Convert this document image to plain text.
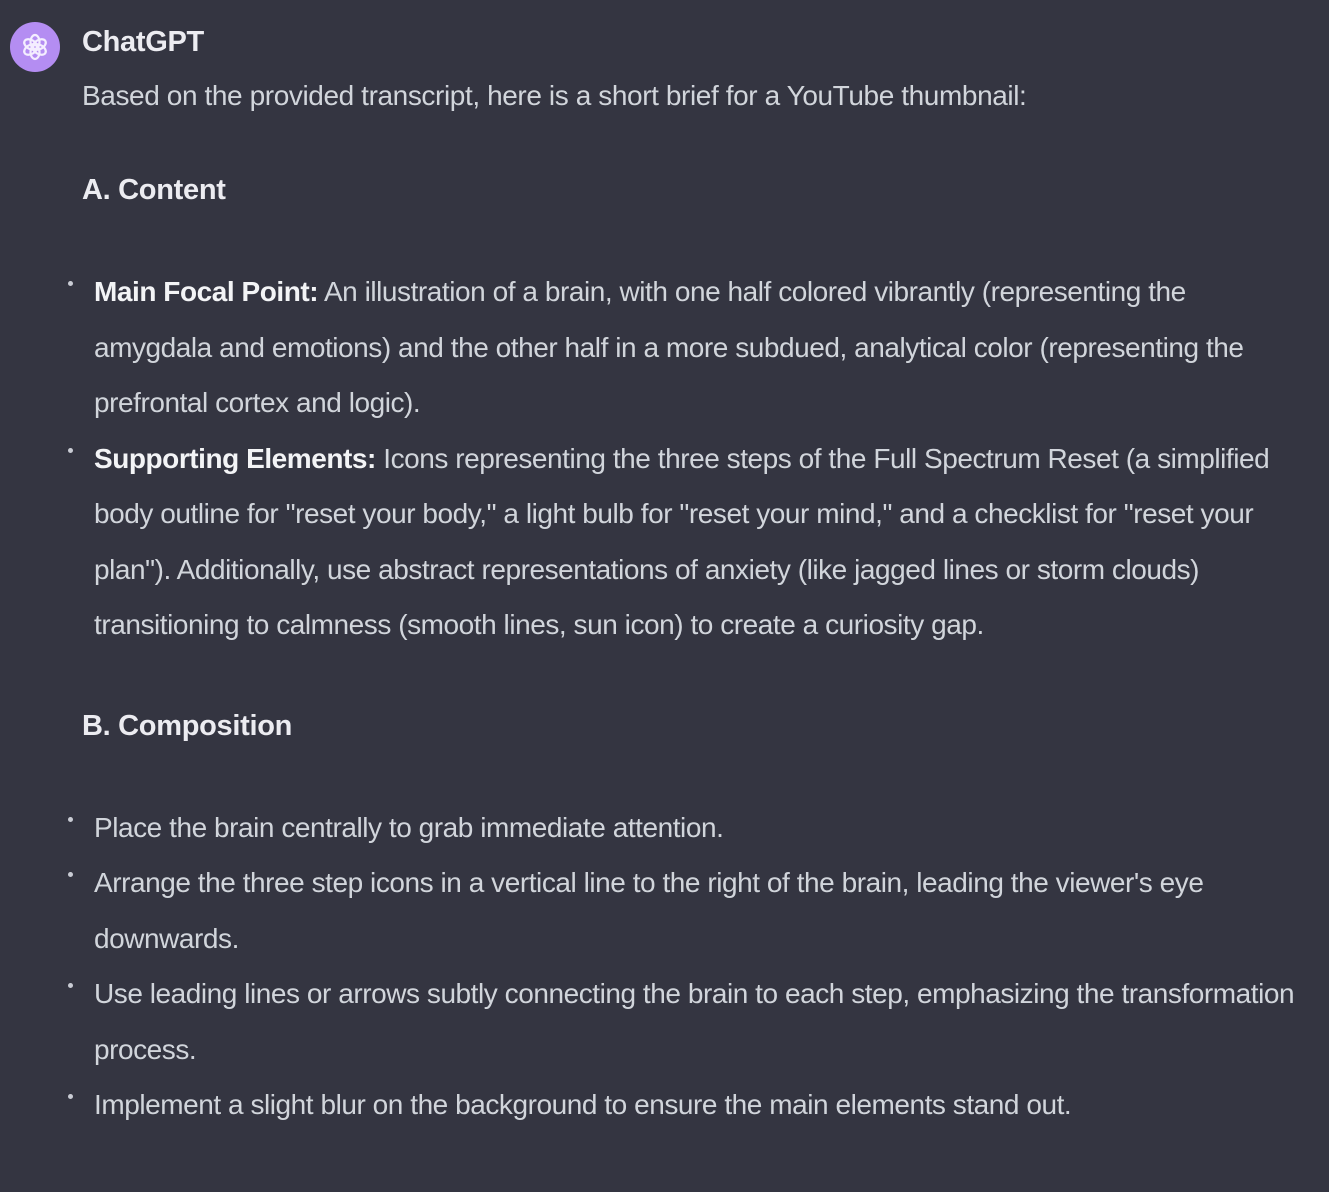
ChatGPT

Based on the provided transcript, here is a short brief for a YouTube thumbnail:

A. Content
Main Focal Point: An illustration of a brain, with one half colored vibrantly (representing the amygdala and emotions) and the other half in a more subdued, analytical color (representing the prefrontal cortex and logic).
Supporting Elements: Icons representing the three steps of the Full Spectrum Reset (a simplified body outline for "reset your body," a light bulb for "reset your mind," and a checklist for "reset your plan"). Additionally, use abstract representations of anxiety (like jagged lines or storm clouds) transitioning to calmness (smooth lines, sun icon) to create a curiosity gap.
B. Composition
Place the brain centrally to grab immediate attention.
Arrange the three step icons in a vertical line to the right of the brain, leading the viewer's eye downwards.
Use leading lines or arrows subtly connecting the brain to each step, emphasizing the transformation process.
Implement a slight blur on the background to ensure the main elements stand out.
